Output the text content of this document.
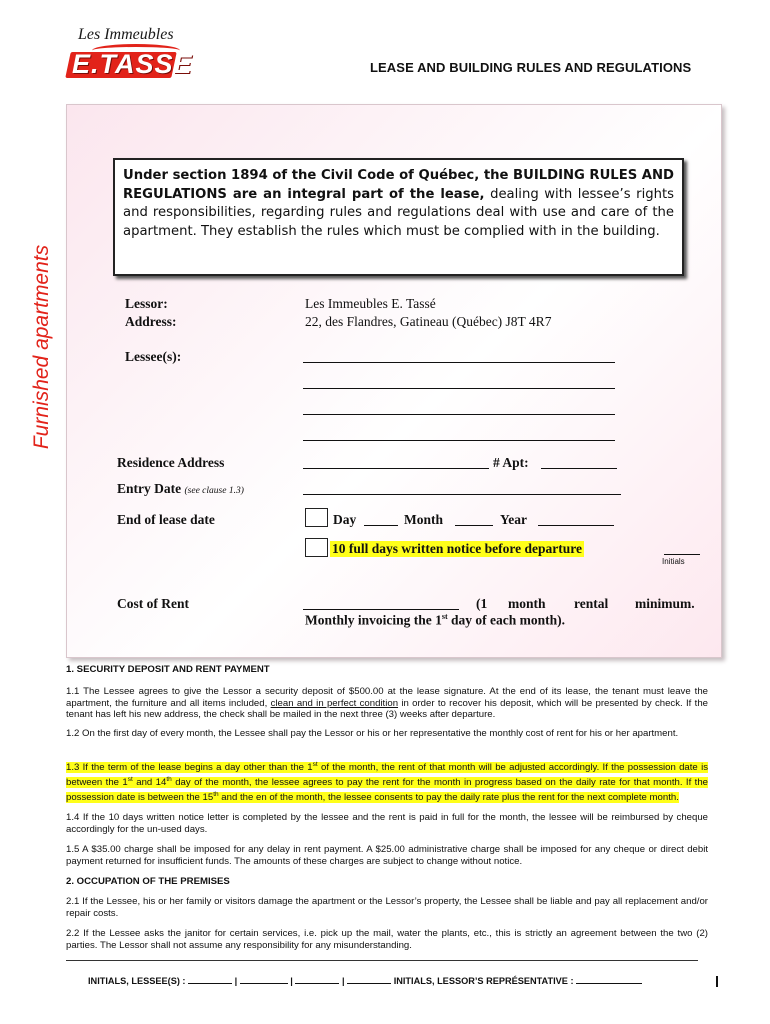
Les Immeubles
E.TASSE	LEASE AND BUILDING RULES AND REGULATIONS
Furnished apartments
Under section 1894 of the Civil Code of Québec, the BUILDING RULES AND REGULATIONS are an integral part of the lease, dealing with lessee’s rights and responsibilities, regarding rules and regulations deal with use and care of the apartment. They establish the rules which must be complied with in the building.
Lessor:	Les Immeubles E. Tassé
Address:	22, des Flandres, Gatineau (Québec) J8T 4R7
Lessee(s):
Residence Address	# Apt:
Entry Date (see clause 1.3)
End of lease date	Day	Month	Year
10 full days written notice before departure
Initials
Cost of Rent	(1 month rental minimum.
Monthly invoicing the 1st day of each month).
1. SECURITY DEPOSIT AND RENT PAYMENT
1.1 The Lessee agrees to give the Lessor a security deposit of $500.00 at the lease signature. At the end of its lease, the tenant must leave the apartment, the furniture and all items included, clean and in perfect condition in order to recover his deposit, which will be presented by check. If the tenant has left his new address, the check shall be mailed in the next three (3) weeks after departure.
1.2 On the first day of every month, the Lessee shall pay the Lessor or his or her representative the monthly cost of rent for his or her apartment.
1.3 If the term of the lease begins a day other than the 1st of the month, the rent of that month will be adjusted accordingly. If the possession date is between the 1st and 14th day of the month, the lessee agrees to pay the rent for the month in progress based on the daily rate for that month. If the possession date is between the 15th and the en of the month, the lessee consents to pay the daily rate plus the rent for the next complete month.
1.4 If the 10 days written notice letter is completed by the lessee and the rent is paid in full for the month, the lessee will be reimbursed by cheque accordingly for the un-used days.
1.5 A $35.00 charge shall be imposed for any delay in rent payment. A $25.00 administrative charge shall be imposed for any cheque or direct debit payment returned for insufficient funds. The amounts of these charges are subject to change without notice.
2. OCCUPATION OF THE PREMISES
2.1 If the Lessee, his or her family or visitors damage the apartment or the Lessor’s property, the Lessee shall be liable and pay all replacement and/or repair costs.
2.2 If the Lessee asks the janitor for certain services, i.e. pick up the mail, water the plants, etc., this is strictly an agreement between the two (2) parties. The Lessor shall not assume any responsibility for any misunderstanding.
INITIALS, LESSEE(S) :	|	|	|	INITIALS, LESSOR’S REPRÉSENTATIVE :
